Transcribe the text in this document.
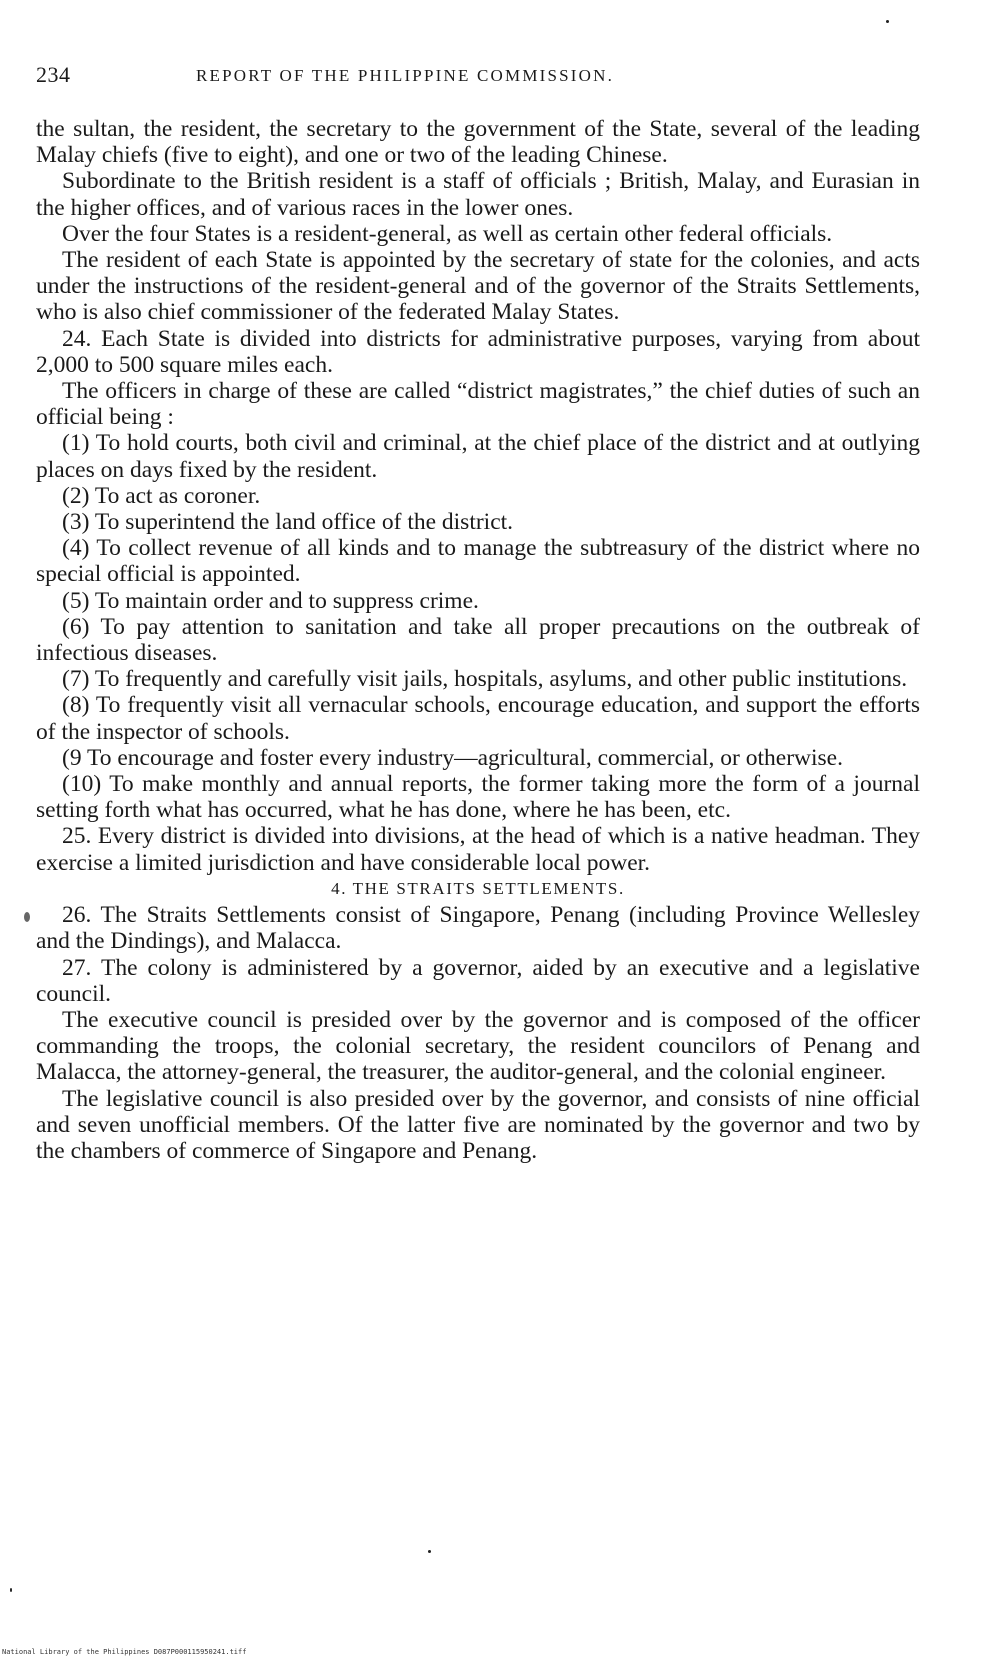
234	REPORT OF THE PHILIPPINE COMMISSION.

the sultan, the resident, the secretary to the government of the State, several of the leading Malay chiefs (five to eight), and one or two of the leading Chinese.

Subordinate to the British resident is a staff of officials ; British, Malay, and Eurasian in the higher offices, and of various races in the lower ones.

Over the four States is a resident-general, as well as certain other federal officials.

The resident of each State is appointed by the secretary of state for the colonies, and acts under the instructions of the resident-general and of the governor of the Straits Settlements, who is also chief commissioner of the federated Malay States.

24. Each State is divided into districts for administrative purposes, varying from about 2,000 to 500 square miles each.

The officers in charge of these are called “district magistrates,” the chief duties of such an official being :

(1) To hold courts, both civil and criminal, at the chief place of the district and at outlying places on days fixed by the resident.

(2) To act as coroner.

(3) To superintend the land office of the district.

(4) To collect revenue of all kinds and to manage the subtreasury of the district where no special official is appointed.

(5) To maintain order and to suppress crime.

(6) To pay attention to sanitation and take all proper precautions on the outbreak of infectious diseases.

(7) To frequently and carefully visit jails, hospitals, asylums, and other public institutions.

(8) To frequently visit all vernacular schools, encourage education, and support the efforts of the inspector of schools.

(9 To encourage and foster every industry—agricultural, commercial, or otherwise.

(10) To make monthly and annual reports, the former taking more the form of a journal setting forth what has occurred, what he has done, where he has been, etc.

25. Every district is divided into divisions, at the head of which is a native headman. They exercise a limited jurisdiction and have considerable local power.

4. THE STRAITS SETTLEMENTS.

26. The Straits Settlements consist of Singapore, Penang (including Province Wellesley and the Dindings), and Malacca.

27. The colony is administered by a governor, aided by an executive and a legislative council.

The executive council is presided over by the governor and is composed of the officer commanding the troops, the colonial secretary, the resident councilors of Penang and Malacca, the attorney-general, the treasurer, the auditor-general, and the colonial engineer.

The legislative council is also presided over by the governor, and consists of nine official and seven unofficial members. Of the latter five are nominated by the governor and two by the chambers of commerce of Singapore and Penang.

National Library of the Philippines D087P000115950241.tiff
